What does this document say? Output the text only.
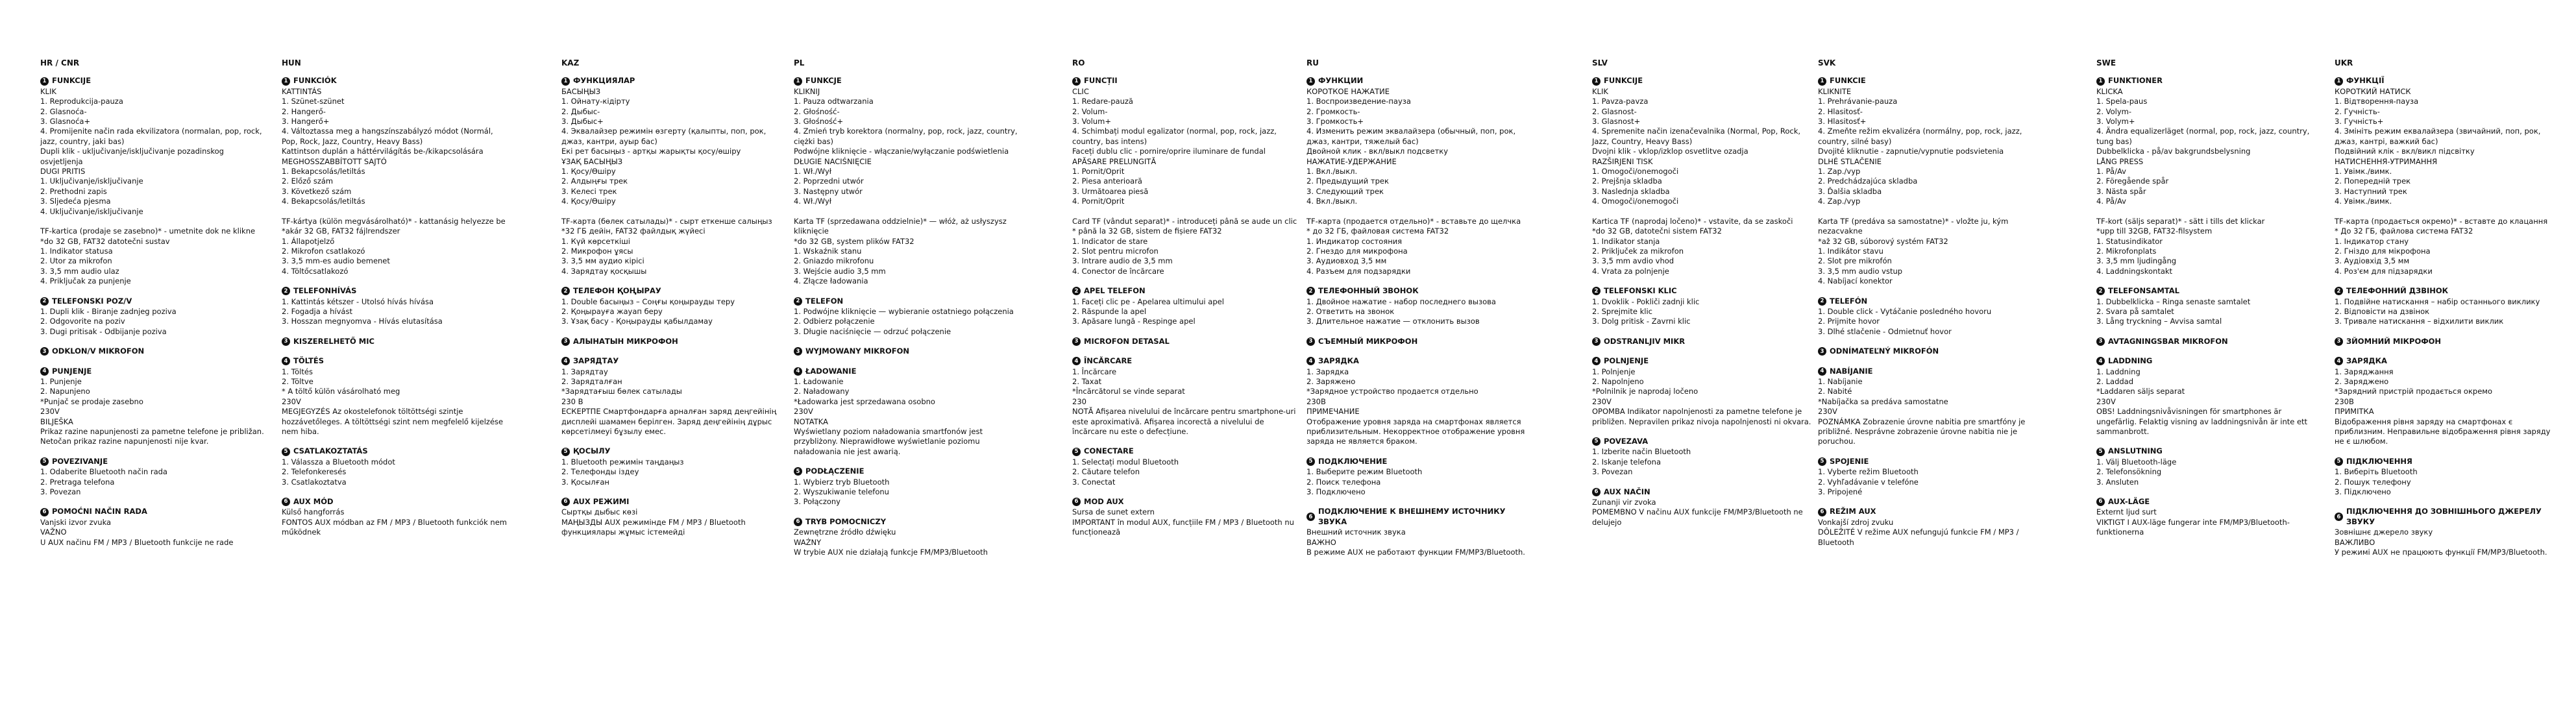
HR / CNR
1 FUNKCIJE
KLIK
1. Reprodukcija-pauza
2. Glasnoća-
3. Glasnoća+
4. Promijenite način rada ekvilizatora (normalan, pop, rock, jazz, country, jaki bas)
Dupli klik - uključivanje/isključivanje pozadinskog osvjetljenja
DUGI PRITIS
1. Uključivanje/isključivanje
2. Prethodni zapis
3. Sljedeća pjesma
4. Uključivanje/isključivanje
TF-kartica (prodaje se zasebno)* - umetnite dok ne klikne
*do 32 GB, FAT32 datotečni sustav
1. Indikator statusa
2. Utor za mikrofon
3. 3,5 mm audio ulaz
4. Priključak za punjenje
2 TELEFONSKI POZ/V
1. Dupli klik - Biranje zadnjeg poziva
2. Odgovorite na poziv
3. Dugi pritisak - Odbijanje poziva
3 ODKLON/V MIKROFON
4 PUNJENJE
1. Punjenje
2. Napunjeno
*Punjač se prodaje zasebno
230V
BILJEŠKA
Prikaz razine napunjenosti za pametne telefone je približan. Netočan prikaz razine napunjenosti nije kvar.
5 POVEZIVANJE
1. Odaberite Bluetooth način rada
2. Pretraga telefona
3. Povezan
6 POMOĆNI NAČIN RADA
Vanjski izvor zvuka
VAŽNO
U AUX načinu FM / MP3 / Bluetooth funkcije ne rade
HUN
1 FUNKCIÓK
KATTINTÁS
1. Szünet-szünet
2. Hangerő-
3. Hangerő+
4. Változtassa meg a hangszínszabályzó módot (Normál, Pop, Rock, Jazz, Country, Heavy Bass)
Kattintson duplán a háttérvilágítás be-/kikapcsolására
MEGHOSSZABBÍTOTT SAJTÓ
1. Bekapcsolás/letiltás
2. Előző szám
3. Következő szám
4. Bekapcsolás/letiltás
TF-kártya (külön megvásárolható)* - kattanásig helyezze be
*akár 32 GB, FAT32 fájlrendszer
1. Állapotjelző
2. Mikrofon csatlakozó
3. 3,5 mm-es audio bemenet
4. Töltőcsatlakozó
2 TELEFONHÍVÁS
1. Kattintás kétszer - Utolsó hívás hívása
2. Fogadja a hívást
3. Hosszan megnyomva - Hívás elutasítása
3 KISZERELHETŐ MIC
4 TÖLTÉS
1. Töltés
2. Töltve
* A töltő külön vásárolható meg
230V
MEGJEGYZÉS Az okostelefonok töltöttségi szintje hozzávetőleges. A töltöttségi szint nem megfelelő kijelzése nem hiba.
5 CSATLAKOZTATÁS
1. Válassza a Bluetooth módot
2. Telefonkeresés
3. Csatlakoztatva
6 AUX MÓD
Külső hangforrás
FONTOS AUX módban az FM / MP3 / Bluetooth funkciók nem működnek
KAZ
1 ФУНКЦИЯЛАР
БАСЫҢЫЗ
1. Ойнату-кідірту
2. Дыбыс-
3. Дыбыс+
4. Эквалайзер режимін өзгерту (қалыпты, поп, рок, джаз, кантри, ауыр бас)
Екі рет басыңыз - артқы жарықты қосу/өшіру
ҰЗАҚ БАСЫҢЫЗ
1. Қосу/Өшіру
2. Алдыңғы трек
3. Келесі трек
4. Қосу/Өшіру
ТF-карта (бөлек сатылады)* - сырт еткенше салыңыз
*32 ГБ дейін, FAT32 файлдық жүйесі
1. Күй көрсеткіші
2. Микрофон ұясы
3. 3,5 мм аудио кірісі
4. Зарядтау қосқышы
2 ТЕЛЕФОН ҚОҢЫРАУ
1. Double басыңыз – Соңғы қоңырауды теру
2. Қоңырауға жауап беру
3. Ұзақ басу - Қоңырауды қабылдамау
3 АЛЫНАТЫН МИКРОФОН
4 ЗАРЯДТАУ
1. Зарядтау
2. Зарядталған
*Зарядтағыш бөлек сатылады
230 В
ЕСКЕРТПЕ Смартфондарға арналған заряд деңгейінің дисплейі шамамен берілген. Заряд деңгейінің дұрыс көрсетілмеуі бұзылу емес.
5 ҚОСЫЛУ
1. Bluetooth режимін таңдаңыз
2. Телефонды іздеу
3. Қосылған
6 AUX РЕЖИМІ
Сыртқы дыбыс көзі
МАҢЫЗДЫ AUX режимінде FM / MP3 / Bluetooth функциялары жұмыс істемейді
PL
1 FUNKCJE
KLIKNIJ
1. Pauza odtwarzania
2. Głośność-
3. Głośność+
4. Zmień tryb korektora (normalny, pop, rock, jazz, country, ciężki bas)
Podwójne kliknięcie - włączanie/wyłączanie podświetlenia
DŁUGIE NACIŚNIĘCIE
1. Wł./Wył
2. Poprzedni utwór
3. Następny utwór
4. Wł./Wył
Karta TF (sprzedawana oddzielnie)* — włóż, aż usłyszysz kliknięcie
*do 32 GB, system plików FAT32
1. Wskaźnik stanu
2. Gniazdo mikrofonu
3. Wejście audio 3,5 mm
4. Złącze ładowania
2 TELEFON
1. Podwójne kliknięcie — wybieranie ostatniego połączenia
2. Odbierz połączenie
3. Długie naciśnięcie — odrzuć połączenie
3 WYJMOWANY MIKROFON
4 ŁADOWANIE
1. Ładowanie
2. Naładowany
*Ładowarka jest sprzedawana osobno
230V
NOTATKA
Wyświetlany poziom naładowania smartfonów jest przybliżony. Nieprawidłowe wyświetlanie poziomu naładowania nie jest awarią.
5 PODŁĄCZENIE
1. Wybierz tryb Bluetooth
2. Wyszukiwanie telefonu
3. Połączony
6 TRYB POMOCNICZY
Zewnętrzne źródło dźwięku
WAŻNY
W trybie AUX nie działają funkcje FM/MP3/Bluetooth
RO
1 FUNCȚII
CLIC
1. Redare-pauză
2. Volum-
3. Volum+
4. Schimbați modul egalizator (normal, pop, rock, jazz, country, bas intens)
Faceți dublu clic - pornire/oprire iluminare de fundal
APĂSARE PRELUNGITĂ
1. Pornit/Oprit
2. Piesa anterioară
3. Următoarea piesă
4. Pornit/Oprit
Card TF (vândut separat)* - introduceți până se aude un clic
* până la 32 GB, sistem de fișiere FAT32
1. Indicator de stare
2. Slot pentru microfon
3. Intrare audio de 3,5 mm
4. Conector de încărcare
2 APEL TELEFON
1. Faceți clic pe - Apelarea ultimului apel
2. Răspunde la apel
3. Apăsare lungă - Respinge apel
3 MICROFON DETASAL
4 ÎNCĂRCARE
1. Încărcare
2. Taxat
*Încărcătorul se vinde separat
230
NOTĂ Afișarea nivelului de încărcare pentru smartphone-uri este aproximativă. Afișarea incorectă a nivelului de încărcare nu este o defecțiune.
5 CONECTARE
1. Selectați modul Bluetooth
2. Căutare telefon
3. Conectat
6 MOD AUX
Sursa de sunet extern
IMPORTANT în modul AUX, funcțiile FM / MP3 / Bluetooth nu funcționează
RU
1 ФУНКЦИИ
КОРОТКОЕ НАЖАТИЕ
1. Воспроизведение-пауза
2. Громкость-
3. Громкость+
4. Изменить режим эквалайзера (обычный, поп, рок, джаз, кантри, тяжелый бас)
Двойной клик - вкл/выкл подсветку
НАЖАТИЕ-УДЕРЖАНИЕ
1. Вкл./выкл.
2. Предыдущий трек
3. Следующий трек
4. Вкл./выкл.
ТF-карта (продается отдельно)* - вставьте до щелчка
* до 32 ГБ, файловая система FAT32
1. Индикатор состояния
2. Гнездо для микрофона
3. Аудиовход 3,5 мм
4. Разъем для подзарядки
2 ТЕЛЕФОННЫЙ ЗВОНОК
1. Двойное нажатие - набор последнего вызова
2. Ответить на звонок
3. Длительное нажатие — отклонить вызов
3 СЪЕМНЫЙ МИКРОФОН
4 ЗАРЯДКА
1. Зарядка
2. Заряжено
*Зарядное устройство продается отдельно
230В
ПРИМЕЧАНИЕ
Отображение уровня заряда на смартфонах является приблизительным. Некорректное отображение уровня заряда не является браком.
5 ПОДКЛЮЧЕНИЕ
1. Выберите режим Bluetooth
2. Поиск телефона
3. Подключено
6
ПОДКЛЮЧЕНИЕ К ВНЕШНЕМУ ИСТОЧНИКУ ЗВУКА
Внешний источник звука
ВАЖНО
В режиме AUX не работают функции FM/MP3/Bluetooth.
SLV
1 FUNKCIJE
KLIK
1. Pavza-pavza
2. Glasnost-
3. Glasnost+
4. Spremenite način izenačevalnika (Normal, Pop, Rock, Jazz, Country, Heavy Bass)
Dvojni klik - vklop/izklop osvetlitve ozadja
RAZŠIRJENI TISK
1. Omogoči/onemogoči
2. Prejšnja skladba
3. Naslednja skladba
4. Omogoči/onemogoči
Kartica TF (naprodaj ločeno)* - vstavite, da se zaskoči
*do 32 GB, datotečni sistem FAT32
1. Indikator stanja
2. Priključek za mikrofon
3. 3,5 mm avdio vhod
4. Vrata za polnjenje
2 TELEFONSKI KLIC
1. Dvoklik - Pokliči zadnji klic
2. Sprejmite klic
3. Dolg pritisk - Zavrni klic
3 ODSTRANLJIV MIKR
4 POLNJENJE
1. Polnjenje
2. Napolnjeno
*Polnilnik je naprodaj ločeno
230V
OPOMBA Indikator napolnjenosti za pametne telefone je približen. Nepravilen prikaz nivoja napolnjenosti ni okvara.
5 POVEZAVA
1. Izberite način Bluetooth
2. Iskanje telefona
3. Povezan
6 AUX NAČIN
Zunanji vir zvoka
POMEMBNO V načinu AUX funkcije FM/MP3/Bluetooth ne delujejo
SVK
1 FUNKCIE
KLIKNITE
1. Prehrávanie-pauza
2. Hlasitosť-
3. Hlasitosť+
4. Zmeňte režim ekvalizéra (normálny, pop, rock, jazz, country, silné basy)
Dvojité kliknutie - zapnutie/vypnutie podsvietenia
DLHÉ STLAČENIE
1. Zap./vyp
2. Predchádzajúca skladba
3. Ďalšia skladba
4. Zap./vyp
Karta TF (predáva sa samostatne)* - vložte ju, kým nezacvakne
*až 32 GB, súborový systém FAT32
1. Indikátor stavu
2. Slot pre mikrofón
3. 3,5 mm audio vstup
4. Nabíjací konektor
2 TELEFÓN
1. Double click - Vytáčanie posledného hovoru
2. Prijmite hovor
3. Dlhé stlačenie - Odmietnuť hovor
3 ODNÍMATEĽNÝ MIKROFÓN
4 NABÍJANIE
1. Nabíjanie
2. Nabité
*Nabíjačka sa predáva samostatne
230V
POZNÁMKA Zobrazenie úrovne nabitia pre smartfóny je približné. Nesprávne zobrazenie úrovne nabitia nie je poruchou.
5 SPOJENIE
1. Vyberte režim Bluetooth
2. Vyhľadávanie v telefóne
3. Pripojené
6 REŽIM AUX
Vonkajší zdroj zvuku
DÔLEŽITÉ V režime AUX nefungujú funkcie FM / MP3 / Bluetooth
SWE
1 FUNKTIONER
KLICKA
1. Spela-paus
2. Volym-
3. Volym+
4. Ändra equalizerläget (normal, pop, rock, jazz, country, tung bas)
Dubbelklicka - på/av bakgrundsbelysning
LÅNG PRESS
1. På/Av
2. Föregående spår
3. Nästa spår
4. På/Av
TF-kort (säljs separat)* - sätt i tills det klickar
*upp till 32GB, FAT32-filsystem
1. Statusindikator
2. Mikrofonplats
3. 3,5 mm ljudingång
4. Laddningskontakt
2 TELEFONSAMTAL
1. Dubbelklicka – Ringa senaste samtalet
2. Svara på samtalet
3. Lång tryckning – Avvisa samtal
3 AVTAGNINGSBAR MIKROFON
4 LADDNING
1. Laddning
2. Laddad
*Laddaren säljs separat
230V
OBS! Laddningsnivåvisningen för smartphones är ungefärlig. Felaktig visning av laddningsnivån är inte ett sammanbrott.
5 ANSLUTNING
1. Välj Bluetooth-läge
2. Telefonsökning
3. Ansluten
6 AUX-LÄGE
Externt ljud surt
VIKTIGT I AUX-läge fungerar inte FM/MP3/Bluetooth-funktionerna
UKR
1 ФУНКЦІЇ
КОРОТКИЙ НАТИСК
1. Відтворення-пауза
2. Гучність-
3. Гучність+
4. Змініть режим еквалайзера (звичайний, поп, рок, джаз, кантрі, важкий бас)
Подвійний клік - вкл/викл підсвітку
НАТИСНЕННЯ-УТРИМАННЯ
1. Увімк./вимк.
2. Попередній трек
3. Наступний трек
4. Увімк./вимк.
ТF-карта (продається окремо)* - вставте до клацання
* До 32 ГБ, файлова система FAT32
1. Індикатор стану
2. Гніздо для мікрофона
3. Аудіовхід 3,5 мм
4. Роз'єм для підзарядки
2 ТЕЛЕФОННИЙ ДЗВІНОК
1. Подвійне натискання – набір останнього виклику
2. Відповісти на дзвінок
3. Тривале натискання – відхилити виклик
3 ЗЙОМНИЙ МІКРОФОН
4 ЗАРЯДКА
1. Заряджання
2. Заряджено
*Зарядний пристрій продається окремо
230В
ПРИМІТКА
Відображення рівня заряду на смартфонах є приблизним. Неправильне відображення рівня заряду не є шлюбом.
5 ПІДКЛЮЧЕННЯ
1. Виберіть Bluetooth
2. Пошук телефону
3. Підключено
6
ПІДКЛЮЧЕННЯ ДО ЗОВНІШНЬОГО ДЖЕРЕЛУ ЗВУКУ
Зовнішнє джерело звуку
ВАЖЛИВО
У режимі AUX не працюють функції FM/MP3/Bluetooth.
